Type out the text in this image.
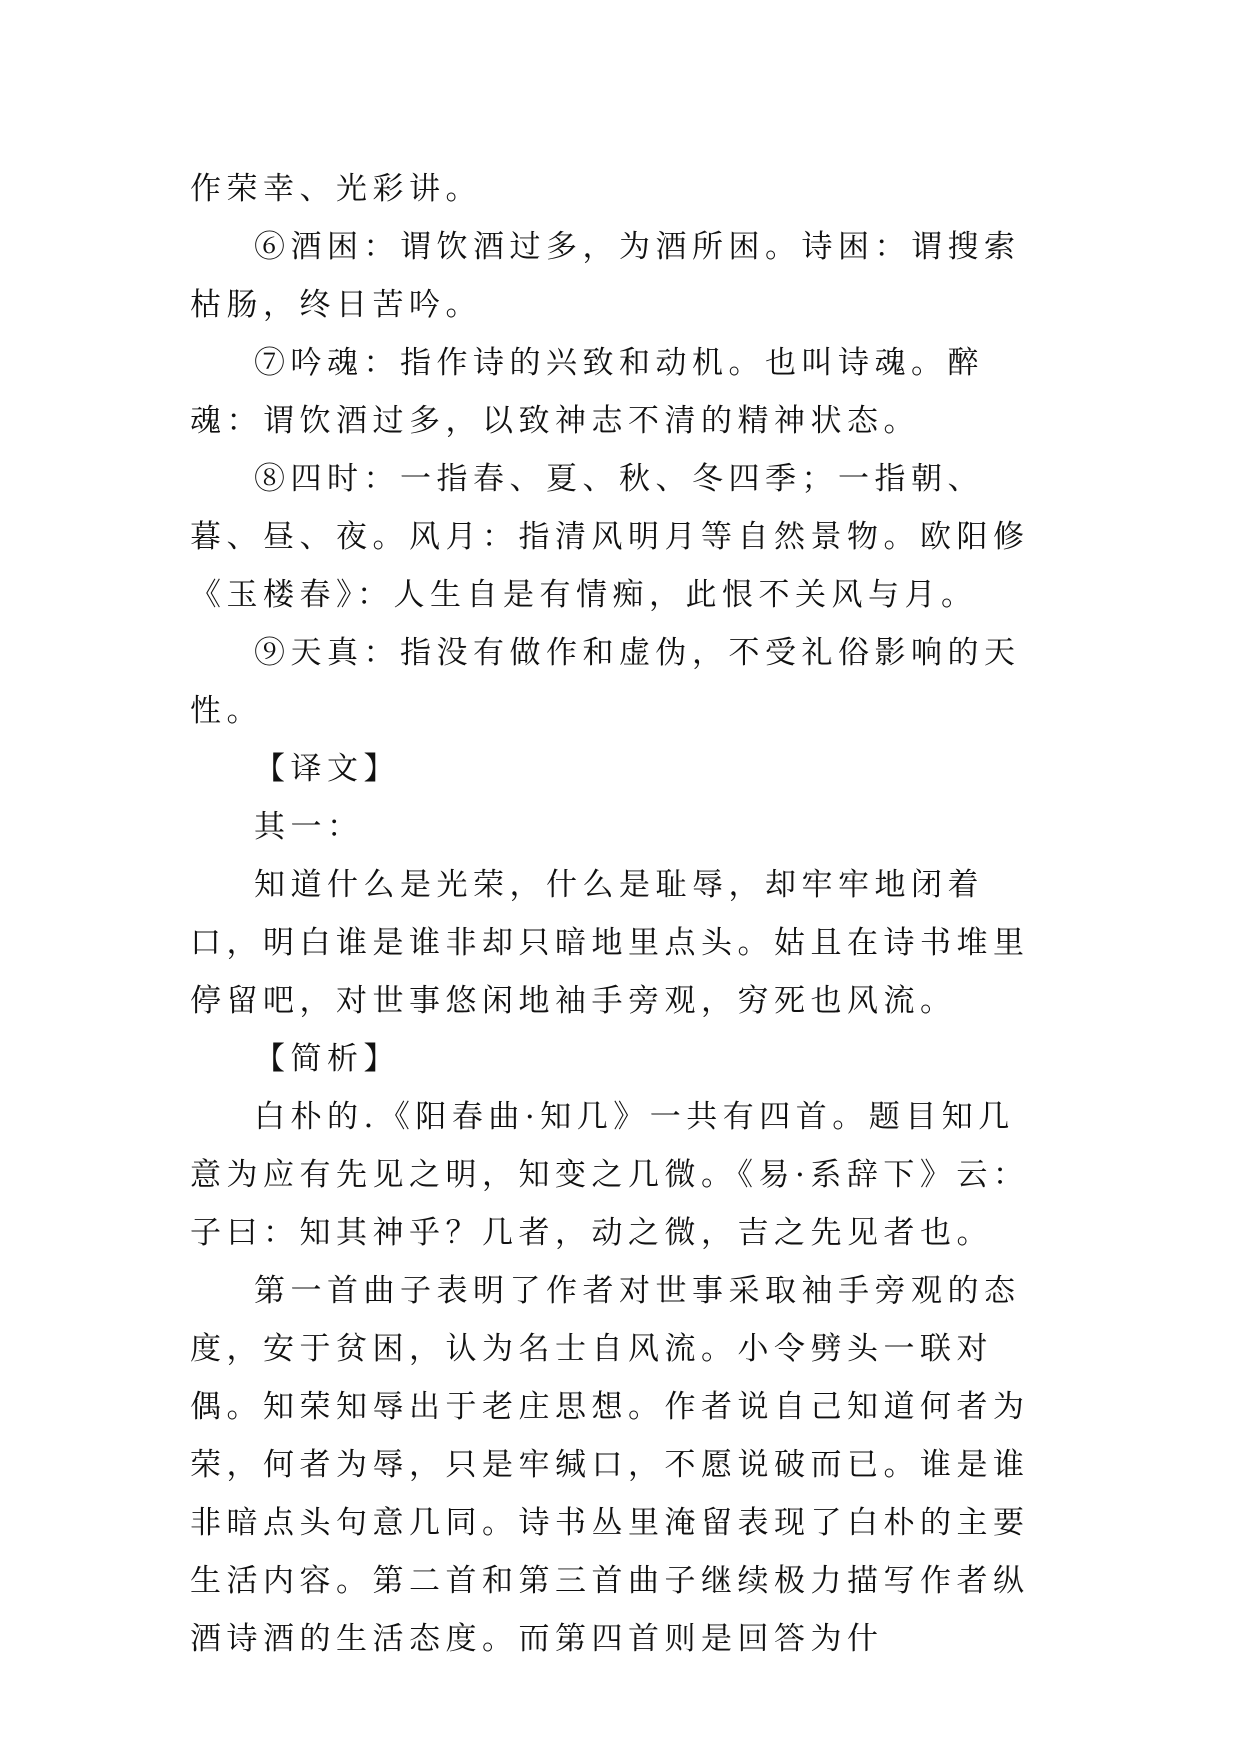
作荣幸、光彩讲。

⑥酒困：谓饮酒过多，为酒所困。诗困：谓搜索枯肠，终日苦吟。

⑦吟魂：指作诗的兴致和动机。也叫诗魂。醉魂：谓饮酒过多，以致神志不清的精神状态。

⑧四时：一指春、夏、秋、冬四季；一指朝、暮、昼、夜。风月：指清风明月等自然景物。欧阳修《玉楼春》：人生自是有情痴，此恨不关风与月。

⑨天真：指没有做作和虚伪，不受礼俗影响的天性。

【译文】

其一：

知道什么是光荣，什么是耻辱，却牢牢地闭着口，明白谁是谁非却只暗地里点头。姑且在诗书堆里停留吧，对世事悠闲地袖手旁观，穷死也风流。

【简析】

白朴的.《阳春曲·知几》一共有四首。题目知几意为应有先见之明，知变之几微。《易·系辞下》云：子曰：知其神乎？几者，动之微，吉之先见者也。

第一首曲子表明了作者对世事采取袖手旁观的态度，安于贫困，认为名士自风流。小令劈头一联对偶。知荣知辱出于老庄思想。作者说自己知道何者为荣，何者为辱，只是牢缄口，不愿说破而已。谁是谁非暗点头句意几同。诗书丛里淹留表现了白朴的主要生活内容。第二首和第三首曲子继续极力描写作者纵酒诗酒的生活态度。而第四首则是回答为什
